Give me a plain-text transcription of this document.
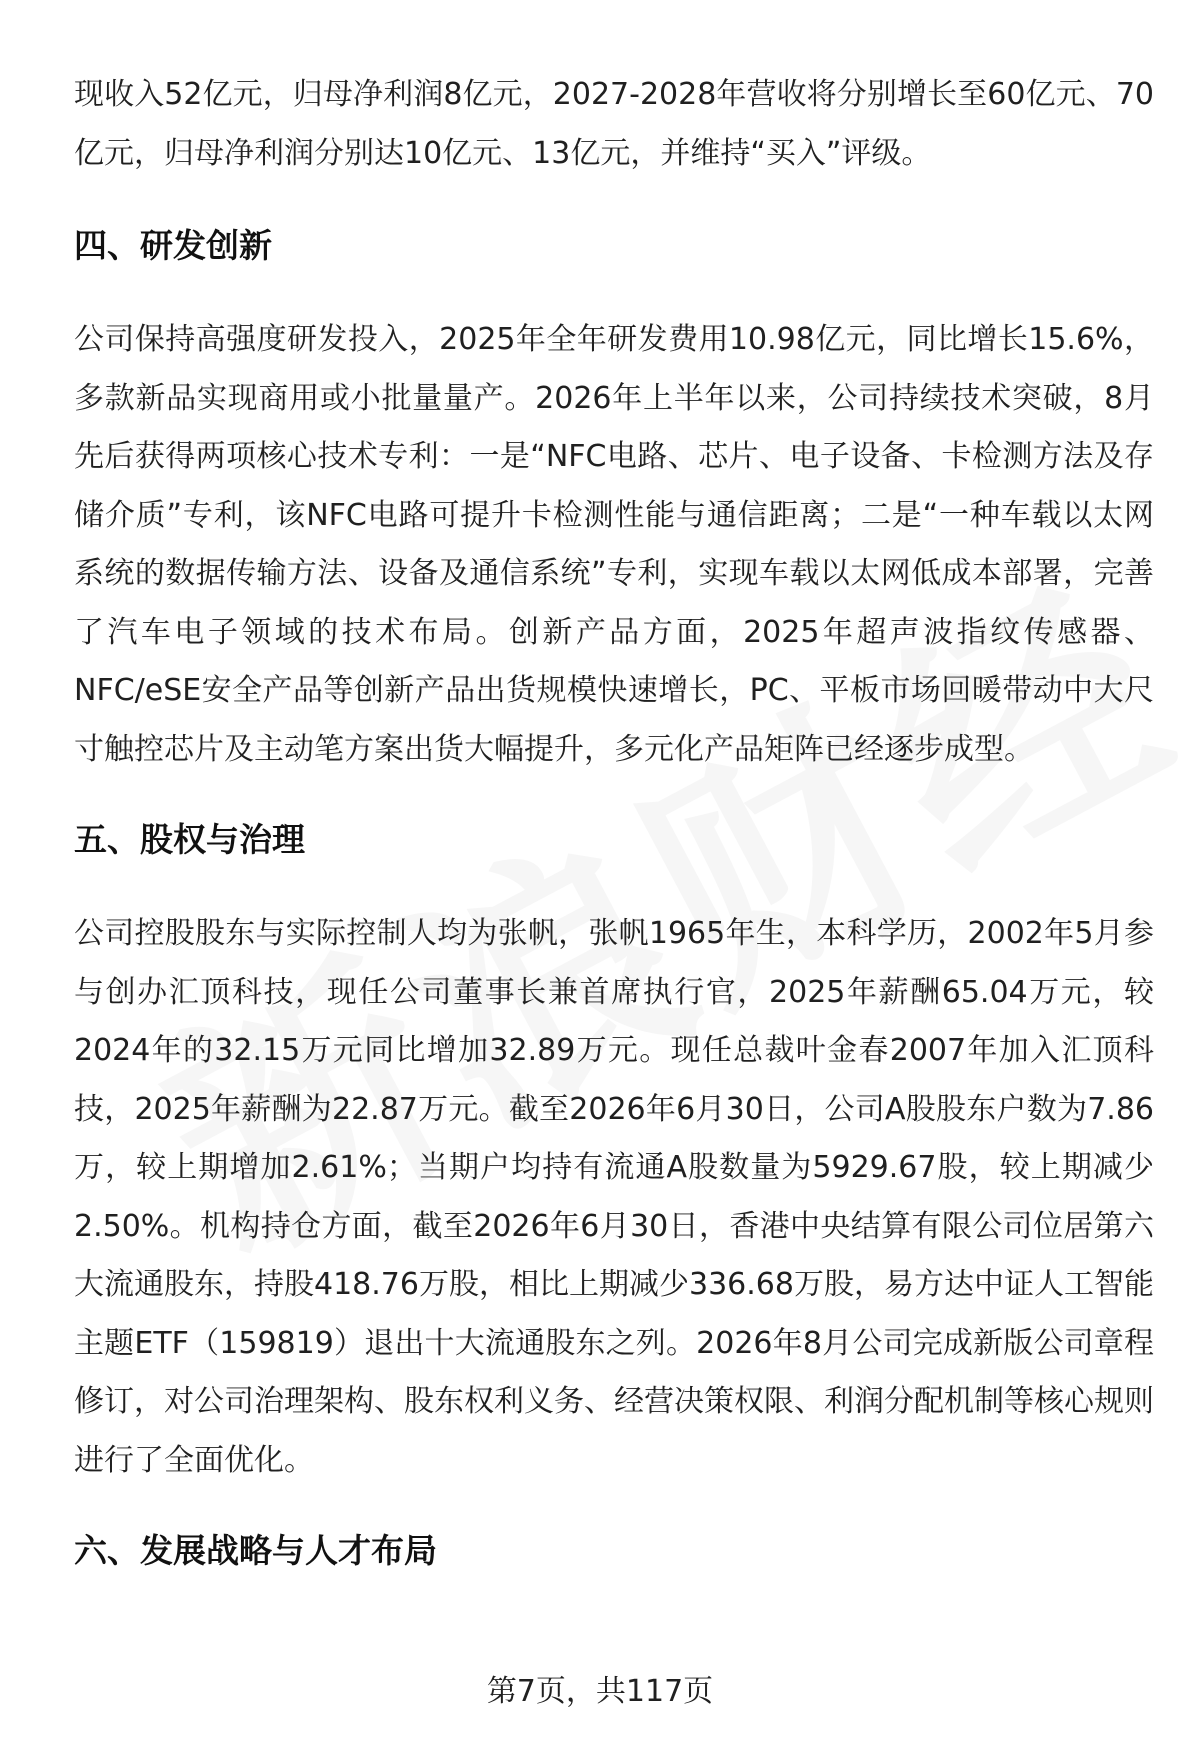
现收入52亿元，归母净利润8亿元，2027-2028年营收将分别增长至60亿元、70亿元，归母净利润分别达10亿元、13亿元，并维持“买入”评级。

四、研发创新

公司保持高强度研发投入，2025年全年研发费用10.98亿元，同比增长15.6%，多款新品实现商用或小批量量产。2026年上半年以来，公司持续技术突破，8月先后获得两项核心技术专利：一是“NFC电路、芯片、电子设备、卡检测方法及存储介质”专利，该NFC电路可提升卡检测性能与通信距离；二是“一种车载以太网系统的数据传输方法、设备及通信系统”专利，实现车载以太网低成本部署，完善了汽车电子领域的技术布局。创新产品方面，2025年超声波指纹传感器、NFC/eSE安全产品等创新产品出货规模快速增长，PC、平板市场回暖带动中大尺寸触控芯片及主动笔方案出货大幅提升，多元化产品矩阵已经逐步成型。

五、股权与治理

公司控股股东与实际控制人均为张帆，张帆1965年生，本科学历，2002年5月参与创办汇顶科技，现任公司董事长兼首席执行官，2025年薪酬65.04万元，较2024年的32.15万元同比增加32.89万元。现任总裁叶金春2007年加入汇顶科技，2025年薪酬为22.87万元。截至2026年6月30日，公司A股股东户数为7.86万，较上期增加2.61%；当期户均持有流通A股数量为5929.67股，较上期减少2.50%。机构持仓方面，截至2026年6月30日，香港中央结算有限公司位居第六大流通股东，持股418.76万股，相比上期减少336.68万股，易方达中证人工智能主题ETF（159819）退出十大流通股东之列。2026年8月公司完成新版公司章程修订，对公司治理架构、股东权利义务、经营决策权限、利润分配机制等核心规则进行了全面优化。

六、发展战略与人才布局
第7页，共117页
